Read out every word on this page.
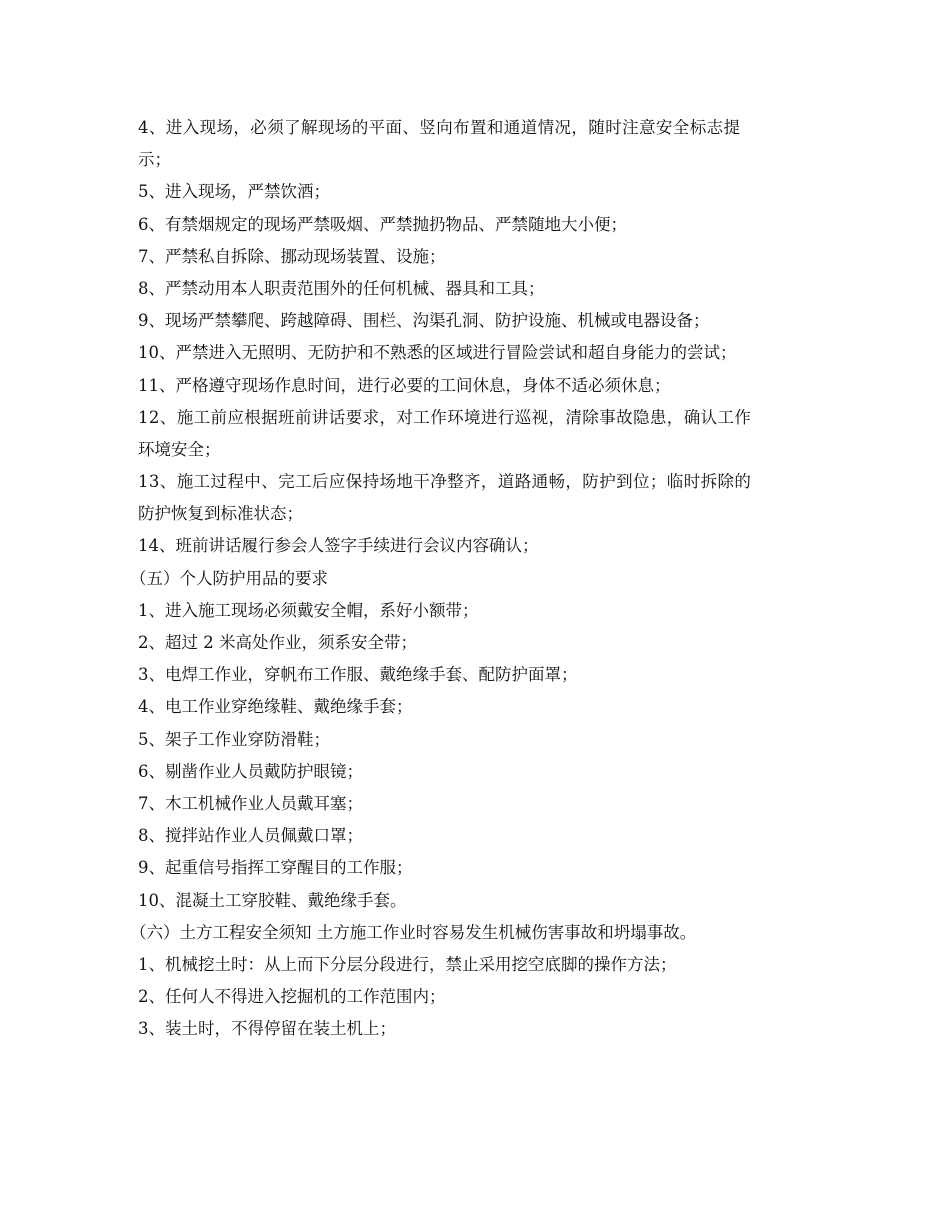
4、进入现场，必须了解现场的平面、竖向布置和通道情况，随时注意安全标志提
示；
5、进入现场，严禁饮酒；
6、有禁烟规定的现场严禁吸烟、严禁抛扔物品、严禁随地大小便；
7、严禁私自拆除、挪动现场装置、设施；
8、严禁动用本人职责范围外的任何机械、器具和工具；
9、现场严禁攀爬、跨越障碍、围栏、沟渠孔洞、防护设施、机械或电器设备；
10、严禁进入无照明、无防护和不熟悉的区域进行冒险尝试和超自身能力的尝试；
11、严格遵守现场作息时间，进行必要的工间休息，身体不适必须休息；
12、施工前应根据班前讲话要求，对工作环境进行巡视，清除事故隐患，确认工作
环境安全；
13、施工过程中、完工后应保持场地干净整齐，道路通畅，防护到位；临时拆除的
防护恢复到标准状态；
14、班前讲话履行参会人签字手续进行会议内容确认；
（五）个人防护用品的要求
1、进入施工现场必须戴安全帽，系好小额带；
2、超过 2 米高处作业，须系安全带；
3、电焊工作业，穿帆布工作服、戴绝缘手套、配防护面罩；
4、电工作业穿绝缘鞋、戴绝缘手套；
5、架子工作业穿防滑鞋；
6、剔凿作业人员戴防护眼镜；
7、木工机械作业人员戴耳塞；
8、搅拌站作业人员佩戴口罩；
9、起重信号指挥工穿醒目的工作服；
10、混凝土工穿胶鞋、戴绝缘手套。
（六）土方工程安全须知 土方施工作业时容易发生机械伤害事故和坍塌事故。
1、机械挖土时：从上而下分层分段进行，禁止采用挖空底脚的操作方法；
2、任何人不得进入挖掘机的工作范围内；
3、装土时，不得停留在装土机上；
